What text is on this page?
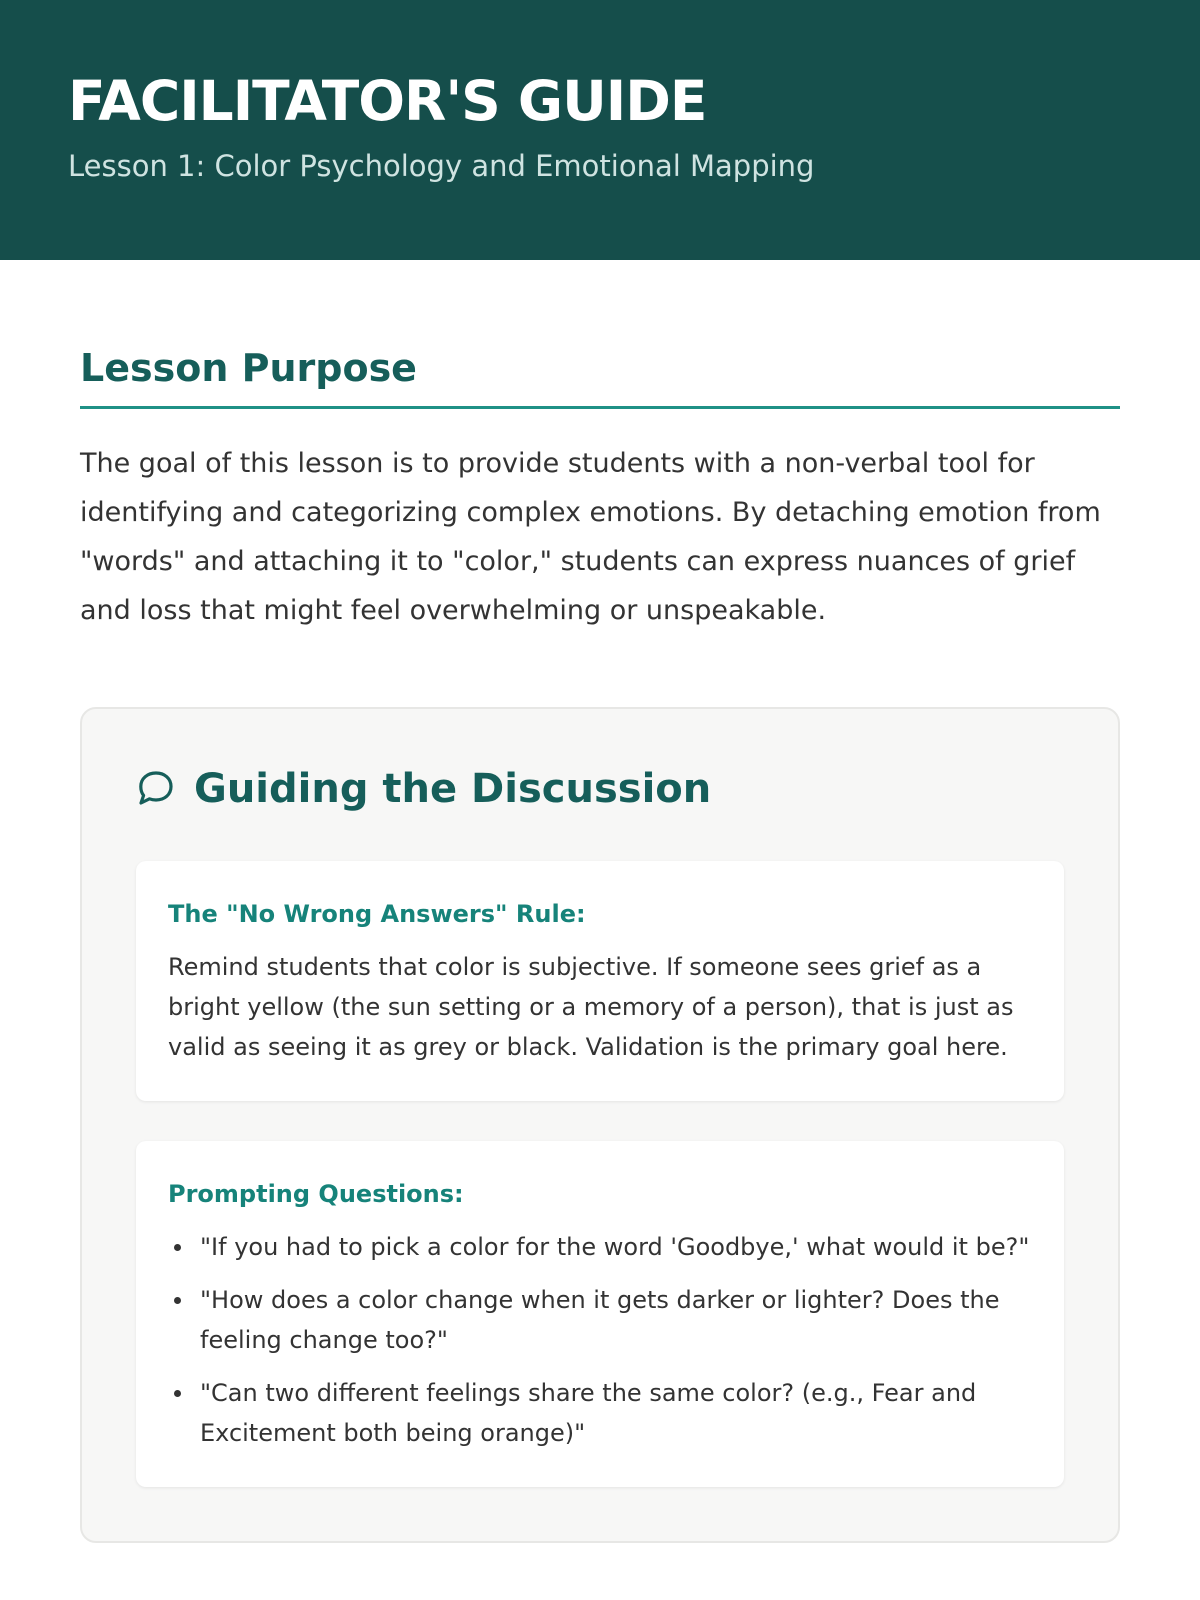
FACILITATOR'S GUIDE

Lesson 1: Color Psychology and Emotional Mapping

Lesson Purpose

The goal of this lesson is to provide students with a non-verbal tool for identifying and categorizing complex emotions. By detaching emotion from "words" and attaching it to "color," students can express nuances of grief and loss that might feel overwhelming or unspeakable.

Guiding the Discussion
The "No Wrong Answers" Rule:

Remind students that color is subjective. If someone sees grief as a bright yellow (the sun setting or a memory of a person), that is just as valid as seeing it as grey or black. Validation is the primary goal here.

Prompting Questions:
"If you had to pick a color for the word 'Goodbye,' what would it be?"
"How does a color change when it gets darker or lighter? Does the feeling change too?"
"Can two different feelings share the same color? (e.g., Fear and Excitement both being orange)"
